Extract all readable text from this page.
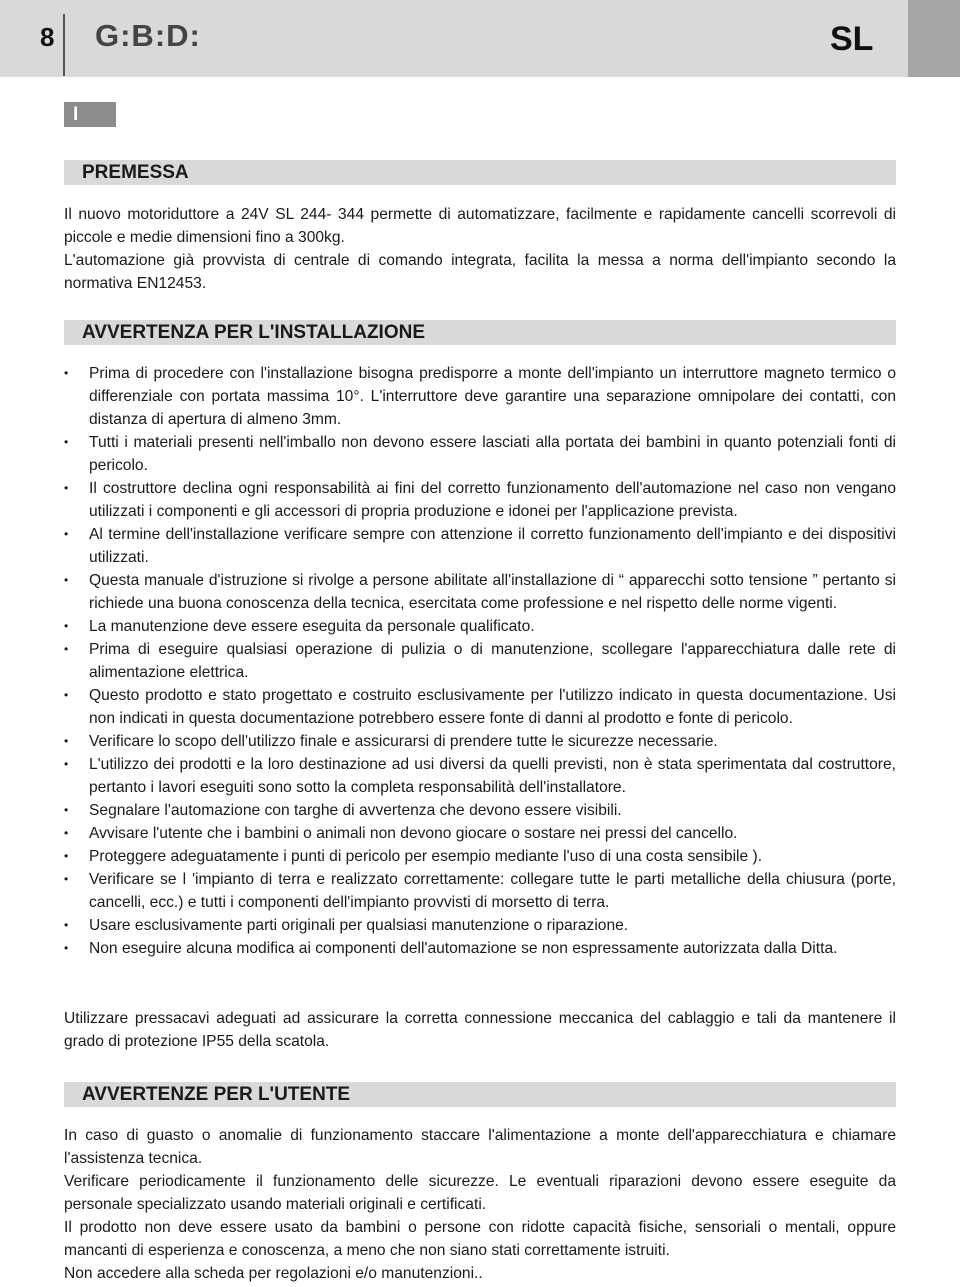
8 G:B:D:	SL
I
PREMESSA

Il nuovo motoriduttore a 24V SL 244- 344 permette di automatizzare, facilmente e rapidamente cancelli scorrevoli di piccole e medie dimensioni fino a 300kg.

L'automazione già provvista di centrale di comando integrata, facilita la messa a norma dell'impianto secondo la normativa EN12453.

AVVERTENZA PER L'INSTALLAZIONE
• Prima di procedere con l'installazione bisogna predisporre a monte dell'impianto un interruttore magneto termico o differenziale con portata massima 10°. L'interruttore deve garantire una separazione omnipolare dei contatti, con distanza di apertura di almeno 3mm.
• Tutti i materiali presenti nell'imballo non devono essere lasciati alla portata dei bambini in quanto potenziali fonti di pericolo.
• Il costruttore declina ogni responsabilità ai fini del corretto funzionamento dell'automazione nel caso non vengano utilizzati i componenti e gli accessori di propria produzione e idonei per l'applicazione prevista.
• Al termine dell'installazione verificare sempre con attenzione il corretto funzionamento dell'impianto e dei dispositivi utilizzati.
• Questa manuale d'istruzione si rivolge a persone abilitate all'installazione di “ apparecchi sotto tensione ” pertanto si richiede una buona conoscenza della tecnica, esercitata come professione e nel rispetto delle norme vigenti.
• La manutenzione deve essere eseguita da personale qualificato.
• Prima di eseguire qualsiasi operazione di pulizia o di manutenzione, scollegare l'apparecchiatura dalle rete di alimentazione elettrica.
• Questo prodotto e stato progettato e costruito esclusivamente per l'utilizzo indicato in questa documentazione. Usi non indicati in questa documentazione potrebbero essere fonte di danni al prodotto e fonte di pericolo.
• Verificare lo scopo dell'utilizzo finale e assicurarsi di prendere tutte le sicurezze necessarie.
• L'utilizzo dei prodotti e la loro destinazione ad usi diversi da quelli previsti, non è stata sperimentata dal costruttore, pertanto i lavori eseguiti sono sotto la completa responsabilità dell'installatore.
• Segnalare l'automazione con targhe di avvertenza che devono essere visibili.
• Avvisare l'utente che i bambini o animali non devono giocare o sostare nei pressi del cancello.
• Proteggere adeguatamente i punti di pericolo per esempio mediante l'uso di una costa sensibile ).
• Verificare se l 'impianto di terra e realizzato correttamente: collegare tutte le parti metalliche della chiusura (porte, cancelli, ecc.) e tutti i componenti dell'impianto provvisti di morsetto di terra.
• Usare esclusivamente parti originali per qualsiasi manutenzione o riparazione.
• Non eseguire alcuna modifica ai componenti dell'automazione se non espressamente autorizzata dalla Ditta.

Utilizzare pressacavi adeguati ad assicurare la corretta connessione meccanica del cablaggio e tali da mantenere il grado di protezione IP55 della scatola.

AVVERTENZE PER L'UTENTE

In caso di guasto o anomalie di funzionamento staccare l'alimentazione a monte dell'apparecchiatura e chiamare l'assistenza tecnica.

Verificare periodicamente il funzionamento delle sicurezze. Le eventuali riparazioni devono essere eseguite da personale specializzato usando materiali originali e certificati.

Il prodotto non deve essere usato da bambini o persone con ridotte capacità fisiche, sensoriali o mentali, oppure mancanti di esperienza e conoscenza, a meno che non siano stati correttamente istruiti.

Non accedere alla scheda per regolazioni e/o manutenzioni..
